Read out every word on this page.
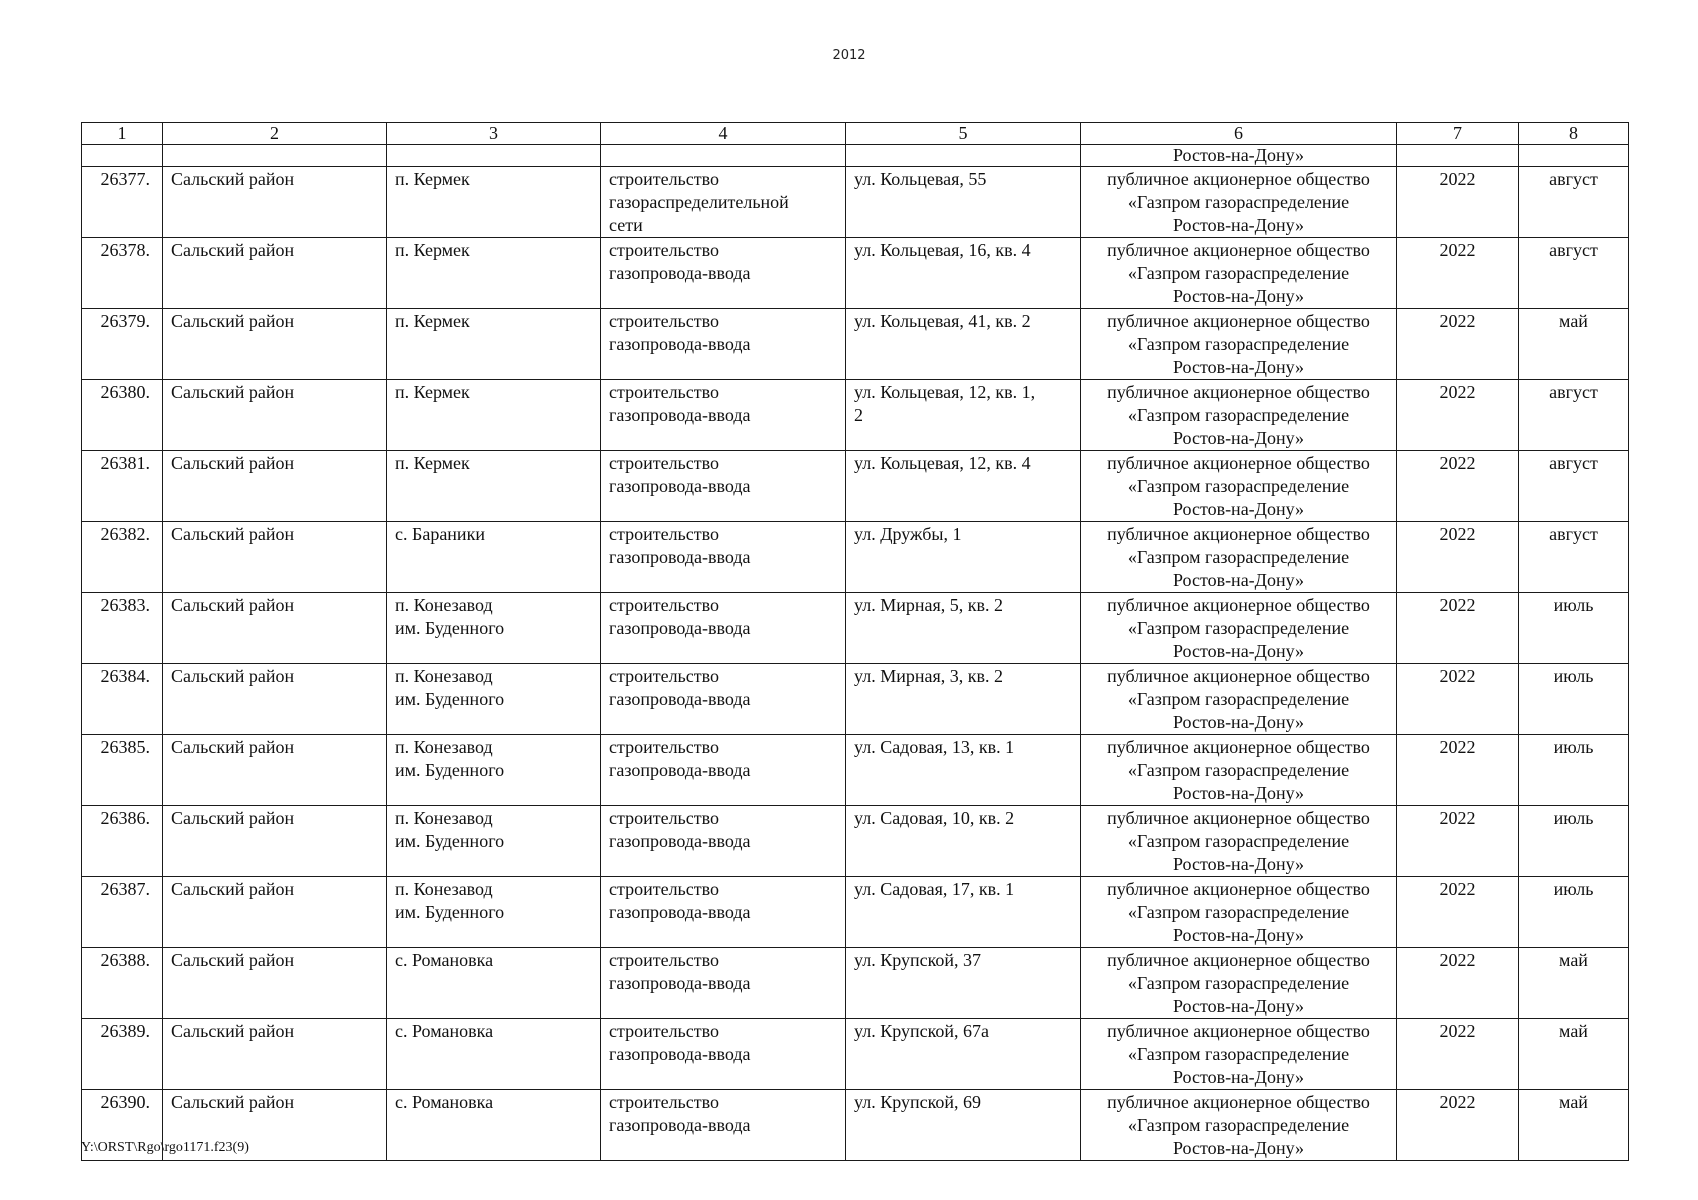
2012
1	2	3	4	5	6	7	8
					Ростов-на-Дону»		
26377.	Сальский район	п. Кермек	строительство
газораспределительной
сети	ул. Кольцевая, 55	публичное акционерное общество
«Газпром газораспределение
Ростов-на-Дону»	2022	август
26378.	Сальский район	п. Кермек	строительство
газопровода-ввода	ул. Кольцевая, 16, кв. 4	публичное акционерное общество
«Газпром газораспределение
Ростов-на-Дону»	2022	август
26379.	Сальский район	п. Кермек	строительство
газопровода-ввода	ул. Кольцевая, 41, кв. 2	публичное акционерное общество
«Газпром газораспределение
Ростов-на-Дону»	2022	май
26380.	Сальский район	п. Кермек	строительство
газопровода-ввода	ул. Кольцевая, 12, кв. 1,
2	публичное акционерное общество
«Газпром газораспределение
Ростов-на-Дону»	2022	август
26381.	Сальский район	п. Кермек	строительство
газопровода-ввода	ул. Кольцевая, 12, кв. 4	публичное акционерное общество
«Газпром газораспределение
Ростов-на-Дону»	2022	август
26382.	Сальский район	с. Бараники	строительство
газопровода-ввода	ул. Дружбы, 1	публичное акционерное общество
«Газпром газораспределение
Ростов-на-Дону»	2022	август
26383.	Сальский район	п. Конезавод
им. Буденного	строительство
газопровода-ввода	ул. Мирная, 5, кв. 2	публичное акционерное общество
«Газпром газораспределение
Ростов-на-Дону»	2022	июль
26384.	Сальский район	п. Конезавод
им. Буденного	строительство
газопровода-ввода	ул. Мирная, 3, кв. 2	публичное акционерное общество
«Газпром газораспределение
Ростов-на-Дону»	2022	июль
26385.	Сальский район	п. Конезавод
им. Буденного	строительство
газопровода-ввода	ул. Садовая, 13, кв. 1	публичное акционерное общество
«Газпром газораспределение
Ростов-на-Дону»	2022	июль
26386.	Сальский район	п. Конезавод
им. Буденного	строительство
газопровода-ввода	ул. Садовая, 10, кв. 2	публичное акционерное общество
«Газпром газораспределение
Ростов-на-Дону»	2022	июль
26387.	Сальский район	п. Конезавод
им. Буденного	строительство
газопровода-ввода	ул. Садовая, 17, кв. 1	публичное акционерное общество
«Газпром газораспределение
Ростов-на-Дону»	2022	июль
26388.	Сальский район	с. Романовка	строительство
газопровода-ввода	ул. Крупской, 37	публичное акционерное общество
«Газпром газораспределение
Ростов-на-Дону»	2022	май
26389.	Сальский район	с. Романовка	строительство
газопровода-ввода	ул. Крупской, 67а	публичное акционерное общество
«Газпром газораспределение
Ростов-на-Дону»	2022	май
26390.	Сальский район	с. Романовка	строительство
газопровода-ввода	ул. Крупской, 69	публичное акционерное общество
«Газпром газораспределение
Ростов-на-Дону»	2022	май
Y:\ORST\Rgo\rgo1171.f23(9)
